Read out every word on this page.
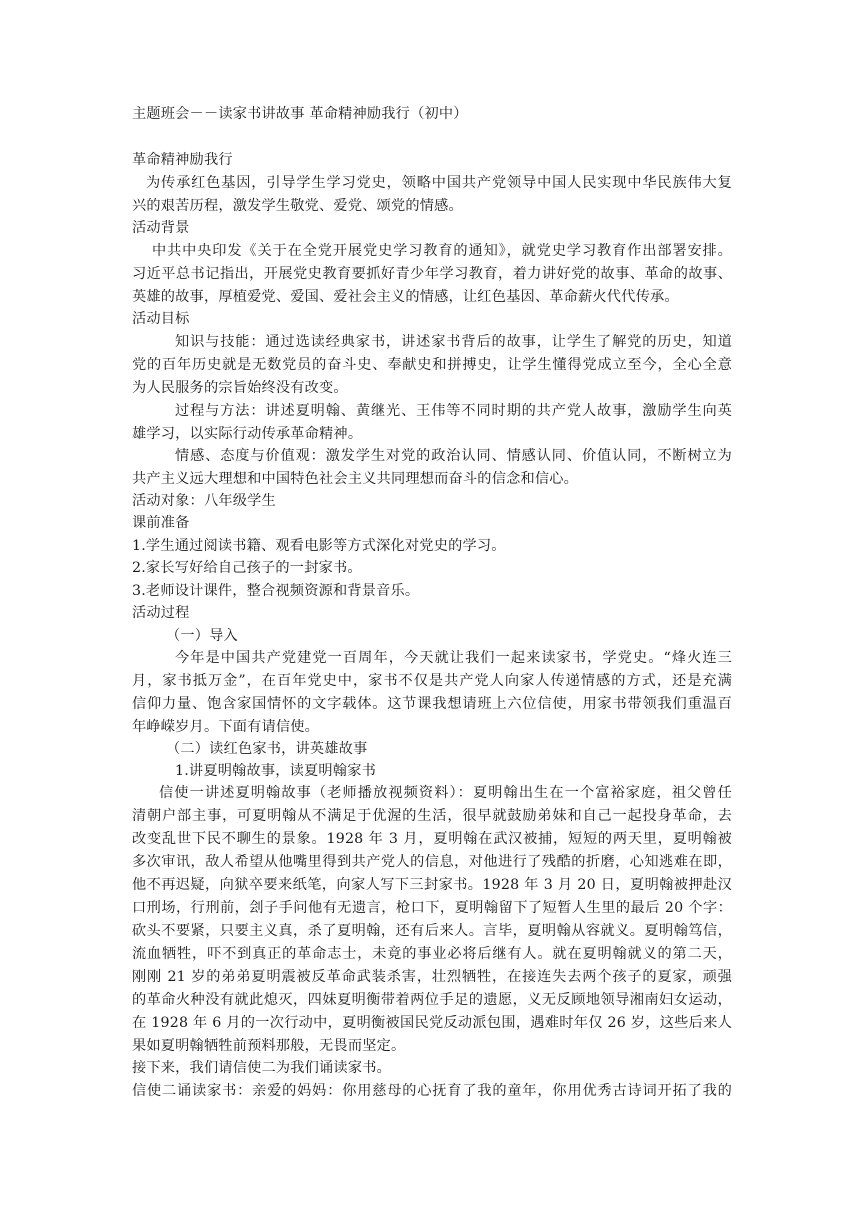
主题班会－－读家书讲故事 革命精神励我行（初中）
革命精神励我行
为传承红色基因，引导学生学习党史，领略中国共产党领导中国人民实现中华民族伟大复
兴的艰苦历程，激发学生敬党、爱党、颂党的情感。
活动背景
中共中央印发《关于在全党开展党史学习教育的通知》，就党史学习教育作出部署安排。
习近平总书记指出，开展党史教育要抓好青少年学习教育，着力讲好党的故事、革命的故事、
英雄的故事，厚植爱党、爱国、爱社会主义的情感，让红色基因、革命薪火代代传承。
活动目标
知识与技能：通过选读经典家书，讲述家书背后的故事，让学生了解党的历史，知道
党的百年历史就是无数党员的奋斗史、奉献史和拼搏史，让学生懂得党成立至今，全心全意
为人民服务的宗旨始终没有改变。
过程与方法：讲述夏明翰、黄继光、王伟等不同时期的共产党人故事，激励学生向英
雄学习，以实际行动传承革命精神。
情感、态度与价值观：激发学生对党的政治认同、情感认同、价值认同，不断树立为
共产主义远大理想和中国特色社会主义共同理想而奋斗的信念和信心。
活动对象：八年级学生
课前准备
1.学生通过阅读书籍、观看电影等方式深化对党史的学习。
2.家长写好给自己孩子的一封家书。
3.老师设计课件，整合视频资源和背景音乐。
活动过程
（一）导入
今年是中国共产党建党一百周年，今天就让我们一起来读家书，学党史。“烽火连三
月，家书抵万金”，在百年党史中，家书不仅是共产党人向家人传递情感的方式，还是充满
信仰力量、饱含家国情怀的文字载体。这节课我想请班上六位信使，用家书带领我们重温百
年峥嵘岁月。下面有请信使。
（二）读红色家书，讲英雄故事
1.讲夏明翰故事，读夏明翰家书
信使一讲述夏明翰故事（老师播放视频资料）：夏明翰出生在一个富裕家庭，祖父曾任
清朝户部主事，可夏明翰从不满足于优渥的生活，很早就鼓励弟妹和自己一起投身革命，去
改变乱世下民不聊生的景象。1928 年 3 月，夏明翰在武汉被捕，短短的两天里，夏明翰被
多次审讯，敌人希望从他嘴里得到共产党人的信息，对他进行了残酷的折磨，心知逃难在即，
他不再迟疑，向狱卒要来纸笔，向家人写下三封家书。1928 年 3 月 20 日，夏明翰被押赴汉
口刑场，行刑前，刽子手问他有无遗言，枪口下，夏明翰留下了短暂人生里的最后 20 个字：
砍头不要紧，只要主义真，杀了夏明翰，还有后来人。言毕，夏明翰从容就义。夏明翰笃信，
流血牺牲，吓不到真正的革命志士，未竟的事业必将后继有人。就在夏明翰就义的第二天，
刚刚 21 岁的弟弟夏明震被反革命武装杀害，壮烈牺牲，在接连失去两个孩子的夏家，顽强
的革命火种没有就此熄灭，四妹夏明衡带着两位手足的遗愿，义无反顾地领导湘南妇女运动，
在 1928 年 6 月的一次行动中，夏明衡被国民党反动派包围，遇难时年仅 26 岁，这些后来人
果如夏明翰牺牲前预料那般，无畏而坚定。
接下来，我们请信使二为我们诵读家书。
信使二诵读家书：亲爱的妈妈：你用慈母的心抚育了我的童年，你用优秀古诗词开拓了我的
